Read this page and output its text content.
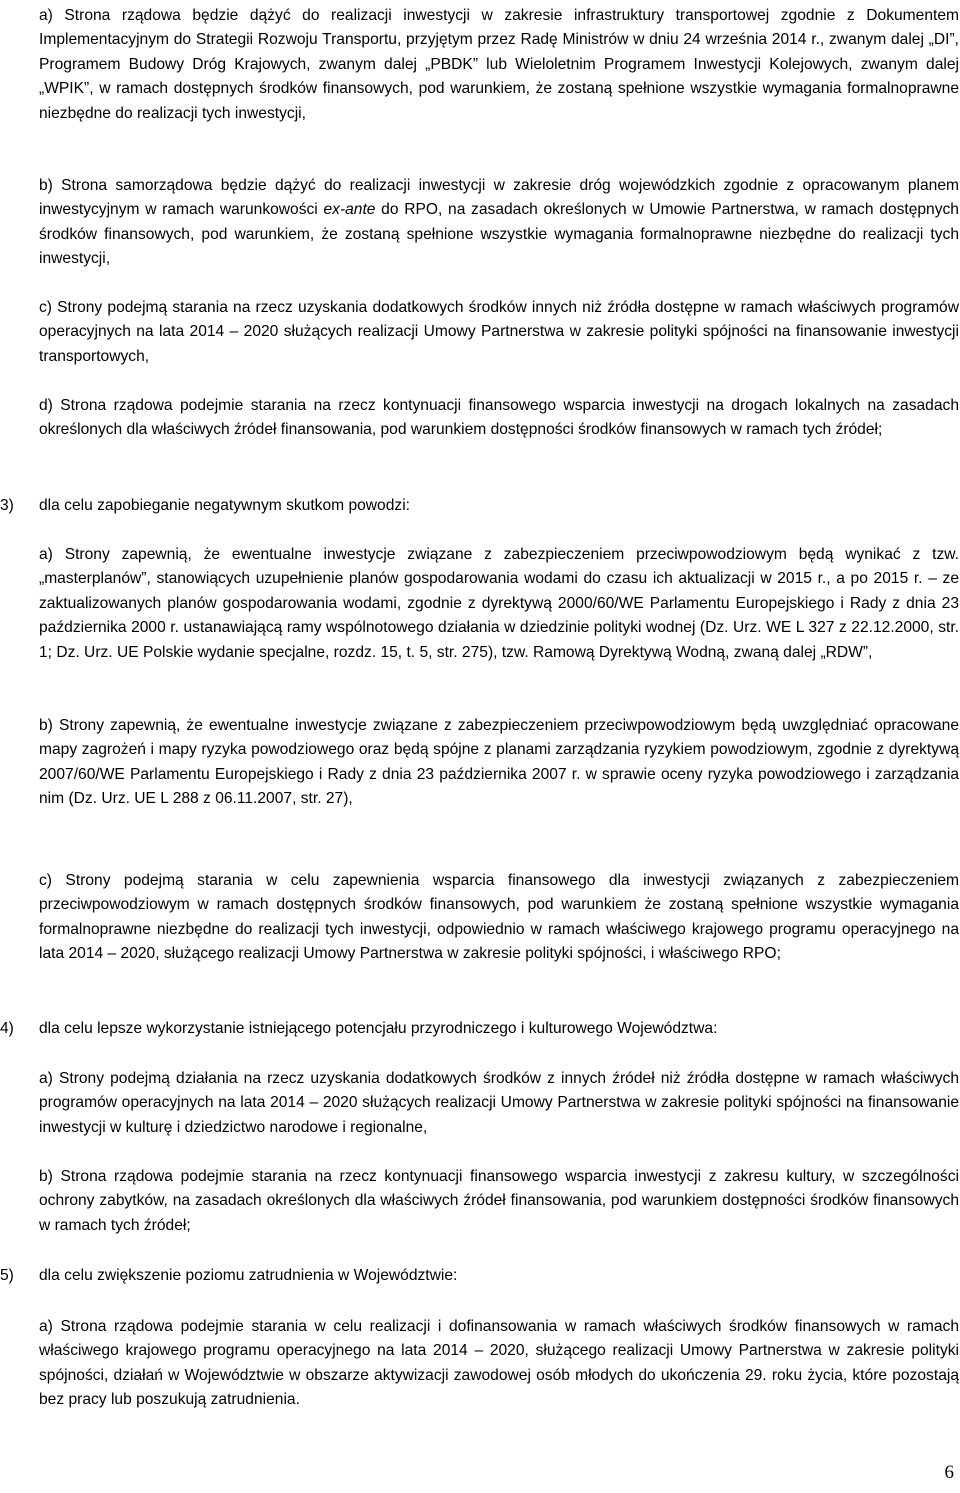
a) Strona rządowa będzie dążyć do realizacji inwestycji w zakresie infrastruktury transportowej zgodnie z Dokumentem Implementacyjnym do Strategii Rozwoju Transportu, przyjętym przez Radę Ministrów w dniu 24 września 2014 r., zwanym dalej „DI”, Programem Budowy Dróg Krajowych, zwanym dalej „PBDK” lub Wieloletnim Programem Inwestycji Kolejowych, zwanym dalej „WPIK”, w ramach dostępnych środków finansowych, pod warunkiem, że zostaną spełnione wszystkie wymagania formalnoprawne niezbędne do realizacji tych inwestycji,

b) Strona samorządowa będzie dążyć do realizacji inwestycji w zakresie dróg wojewódzkich zgodnie z opracowanym planem inwestycyjnym w ramach warunkowości ex-ante do RPO, na zasadach określonych w Umowie Partnerstwa, w ramach dostępnych środków finansowych, pod warunkiem, że zostaną spełnione wszystkie wymagania formalnoprawne niezbędne do realizacji tych inwestycji,

c) Strony podejmą starania na rzecz uzyskania dodatkowych środków innych niż źródła dostępne w ramach właściwych programów operacyjnych na lata 2014 – 2020 służących realizacji Umowy Partnerstwa w zakresie polityki spójności na finansowanie inwestycji transportowych,

d) Strona rządowa podejmie starania na rzecz kontynuacji finansowego wsparcia inwestycji na drogach lokalnych na zasadach określonych dla właściwych źródeł finansowania, pod warunkiem dostępności środków finansowych w ramach tych źródeł;

3) dla celu zapobieganie negatywnym skutkom powodzi:

a) Strony zapewnią, że ewentualne inwestycje związane z zabezpieczeniem przeciwpowodziowym będą wynikać z tzw. „masterplanów”, stanowiących uzupełnienie planów gospodarowania wodami do czasu ich aktualizacji w 2015 r., a po 2015 r. – ze zaktualizowanych planów gospodarowania wodami, zgodnie z dyrektywą 2000/60/WE Parlamentu Europejskiego i Rady z dnia 23 października 2000 r. ustanawiającą ramy wspólnotowego działania w dziedzinie polityki wodnej (Dz. Urz. WE L 327 z 22.12.2000, str. 1; Dz. Urz. UE Polskie wydanie specjalne, rozdz. 15, t. 5, str. 275), tzw. Ramową Dyrektywą Wodną, zwaną dalej „RDW”,

b) Strony zapewnią, że ewentualne inwestycje związane z zabezpieczeniem przeciwpowodziowym będą uwzględniać opracowane mapy zagrożeń i mapy ryzyka powodziowego oraz będą spójne z planami zarządzania ryzykiem powodziowym, zgodnie z dyrektywą 2007/60/WE Parlamentu Europejskiego i Rady z dnia 23 października 2007 r. w sprawie oceny ryzyka powodziowego i zarządzania nim (Dz. Urz. UE L 288 z 06.11.2007, str. 27),

c) Strony podejmą starania w celu zapewnienia wsparcia finansowego dla inwestycji związanych z zabezpieczeniem przeciwpowodziowym w ramach dostępnych środków finansowych, pod warunkiem że zostaną spełnione wszystkie wymagania formalnoprawne niezbędne do realizacji tych inwestycji, odpowiednio w ramach właściwego krajowego programu operacyjnego na lata 2014 – 2020, służącego realizacji Umowy Partnerstwa w zakresie polityki spójności, i właściwego RPO;

4) dla celu lepsze wykorzystanie istniejącego potencjału przyrodniczego i kulturowego Województwa:

a) Strony podejmą działania na rzecz uzyskania dodatkowych środków z innych źródeł niż źródła dostępne w ramach właściwych programów operacyjnych na lata 2014 – 2020 służących realizacji Umowy Partnerstwa w zakresie polityki spójności na finansowanie inwestycji w kulturę i dziedzictwo narodowe i regionalne,

b) Strona rządowa podejmie starania na rzecz kontynuacji finansowego wsparcia inwestycji z zakresu kultury, w szczególności ochrony zabytków, na zasadach określonych dla właściwych źródeł finansowania, pod warunkiem dostępności środków finansowych w ramach tych źródeł;

5) dla celu zwiększenie poziomu zatrudnienia w Województwie:

a) Strona rządowa podejmie starania w celu realizacji i dofinansowania w ramach właściwych środków finansowych w ramach właściwego krajowego programu operacyjnego na lata 2014 – 2020, służącego realizacji Umowy Partnerstwa w zakresie polityki spójności, działań w Województwie w obszarze aktywizacji zawodowej osób młodych do ukończenia 29. roku życia, które pozostają bez pracy lub poszukują zatrudnienia.

6
